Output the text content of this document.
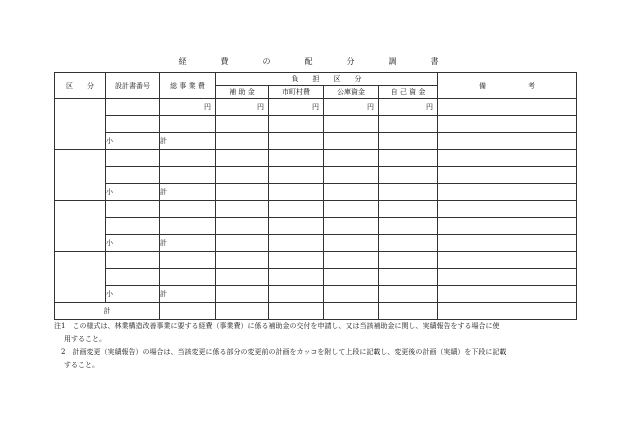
経　費　の　配　分　調　書
区　　分	設計書番号	総 事 業 費	負　　担　　区　　分				備　　　　　　考
			補 助 金	市町村費	公庫資金	自 己 資 金	
		円	円	円	円	円	

	小　計						

	小　計						

	小　計						

	小　計						
計							

注1　この様式は、林業構造改善事業に要する経費（事業費）に係る補助金の交付を申請し、又は当該補助金に関し、実績報告をする場合に使
用すること。

　2　計画変更（実績報告）の場合は、当該変更に係る部分の変更前の計画をカッコを附して上段に記載し、変更後の計画（実績）を下段に記載
すること。
